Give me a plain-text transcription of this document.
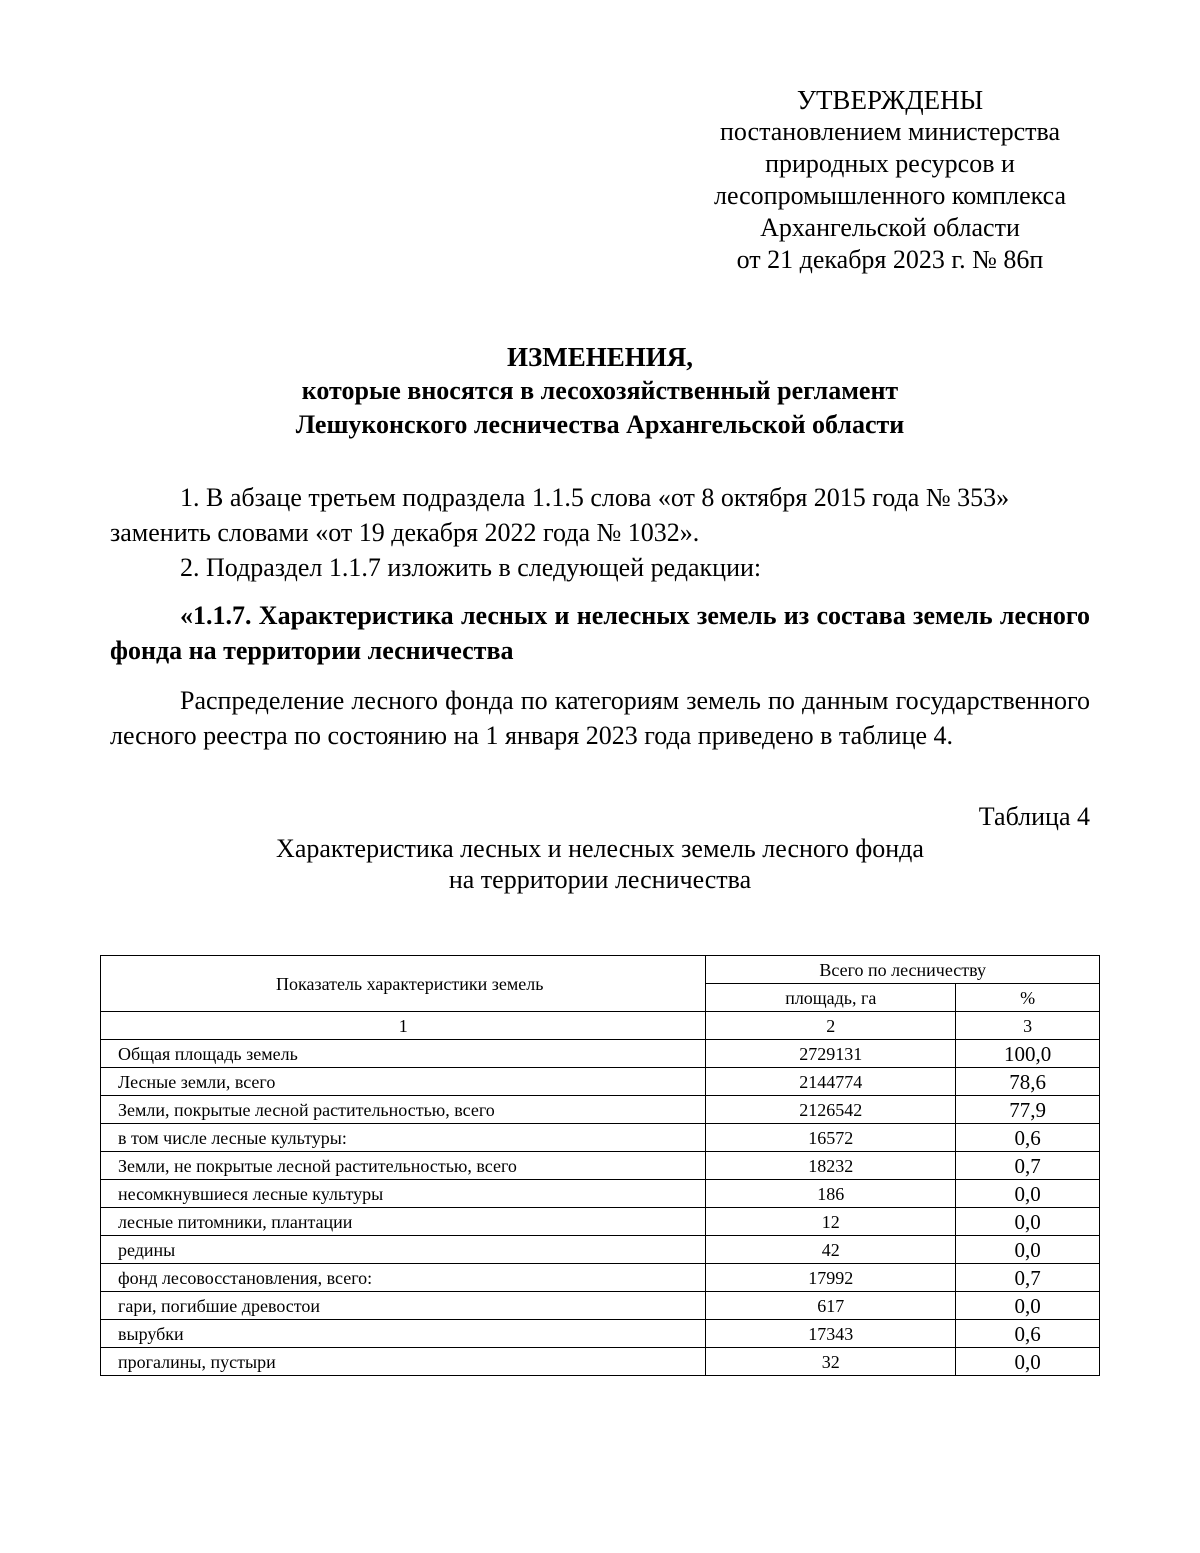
УТВЕРЖДЕНЫ
постановлением министерства
природных ресурсов и
лесопромышленного комплекса
Архангельской области
от 21 декабря 2023 г. № 86п
ИЗМЕНЕНИЯ,
которые вносятся в лесохозяйственный регламент
Лешуконского лесничества Архангельской области
1. В абзаце третьем подраздела 1.1.5 слова «от 8 октября 2015 года № 353»
заменить словами «от 19 декабря 2022 года № 1032».
2. Подраздел 1.1.7 изложить в следующей редакции:
«1.1.7. Характеристика лесных и нелесных земель из состава земель лесного фонда на территории лесничества
Распределение лесного фонда по категориям земель по данным государственного лесного реестра по состоянию на 1 января 2023 года приведено в таблице 4.
Таблица 4
Характеристика лесных и нелесных земель лесного фонда
на территории лесничества
Показатель характеристики земель	Всего по лесничеству	
	площадь, га	%
1	2	3
Общая площадь земель	2729131	100,0
Лесные земли, всего	2144774	78,6
Земли, покрытые лесной растительностью, всего	2126542	77,9
в том числе лесные культуры:	16572	0,6
Земли, не покрытые лесной растительностью, всего	18232	0,7
несомкнувшиеся лесные культуры	186	0,0
лесные питомники, плантации	12	0,0
редины	42	0,0
фонд лесовосстановления, всего:	17992	0,7
гари, погибшие древостои	617	0,0
вырубки	17343	0,6
прогалины, пустыри	32	0,0
